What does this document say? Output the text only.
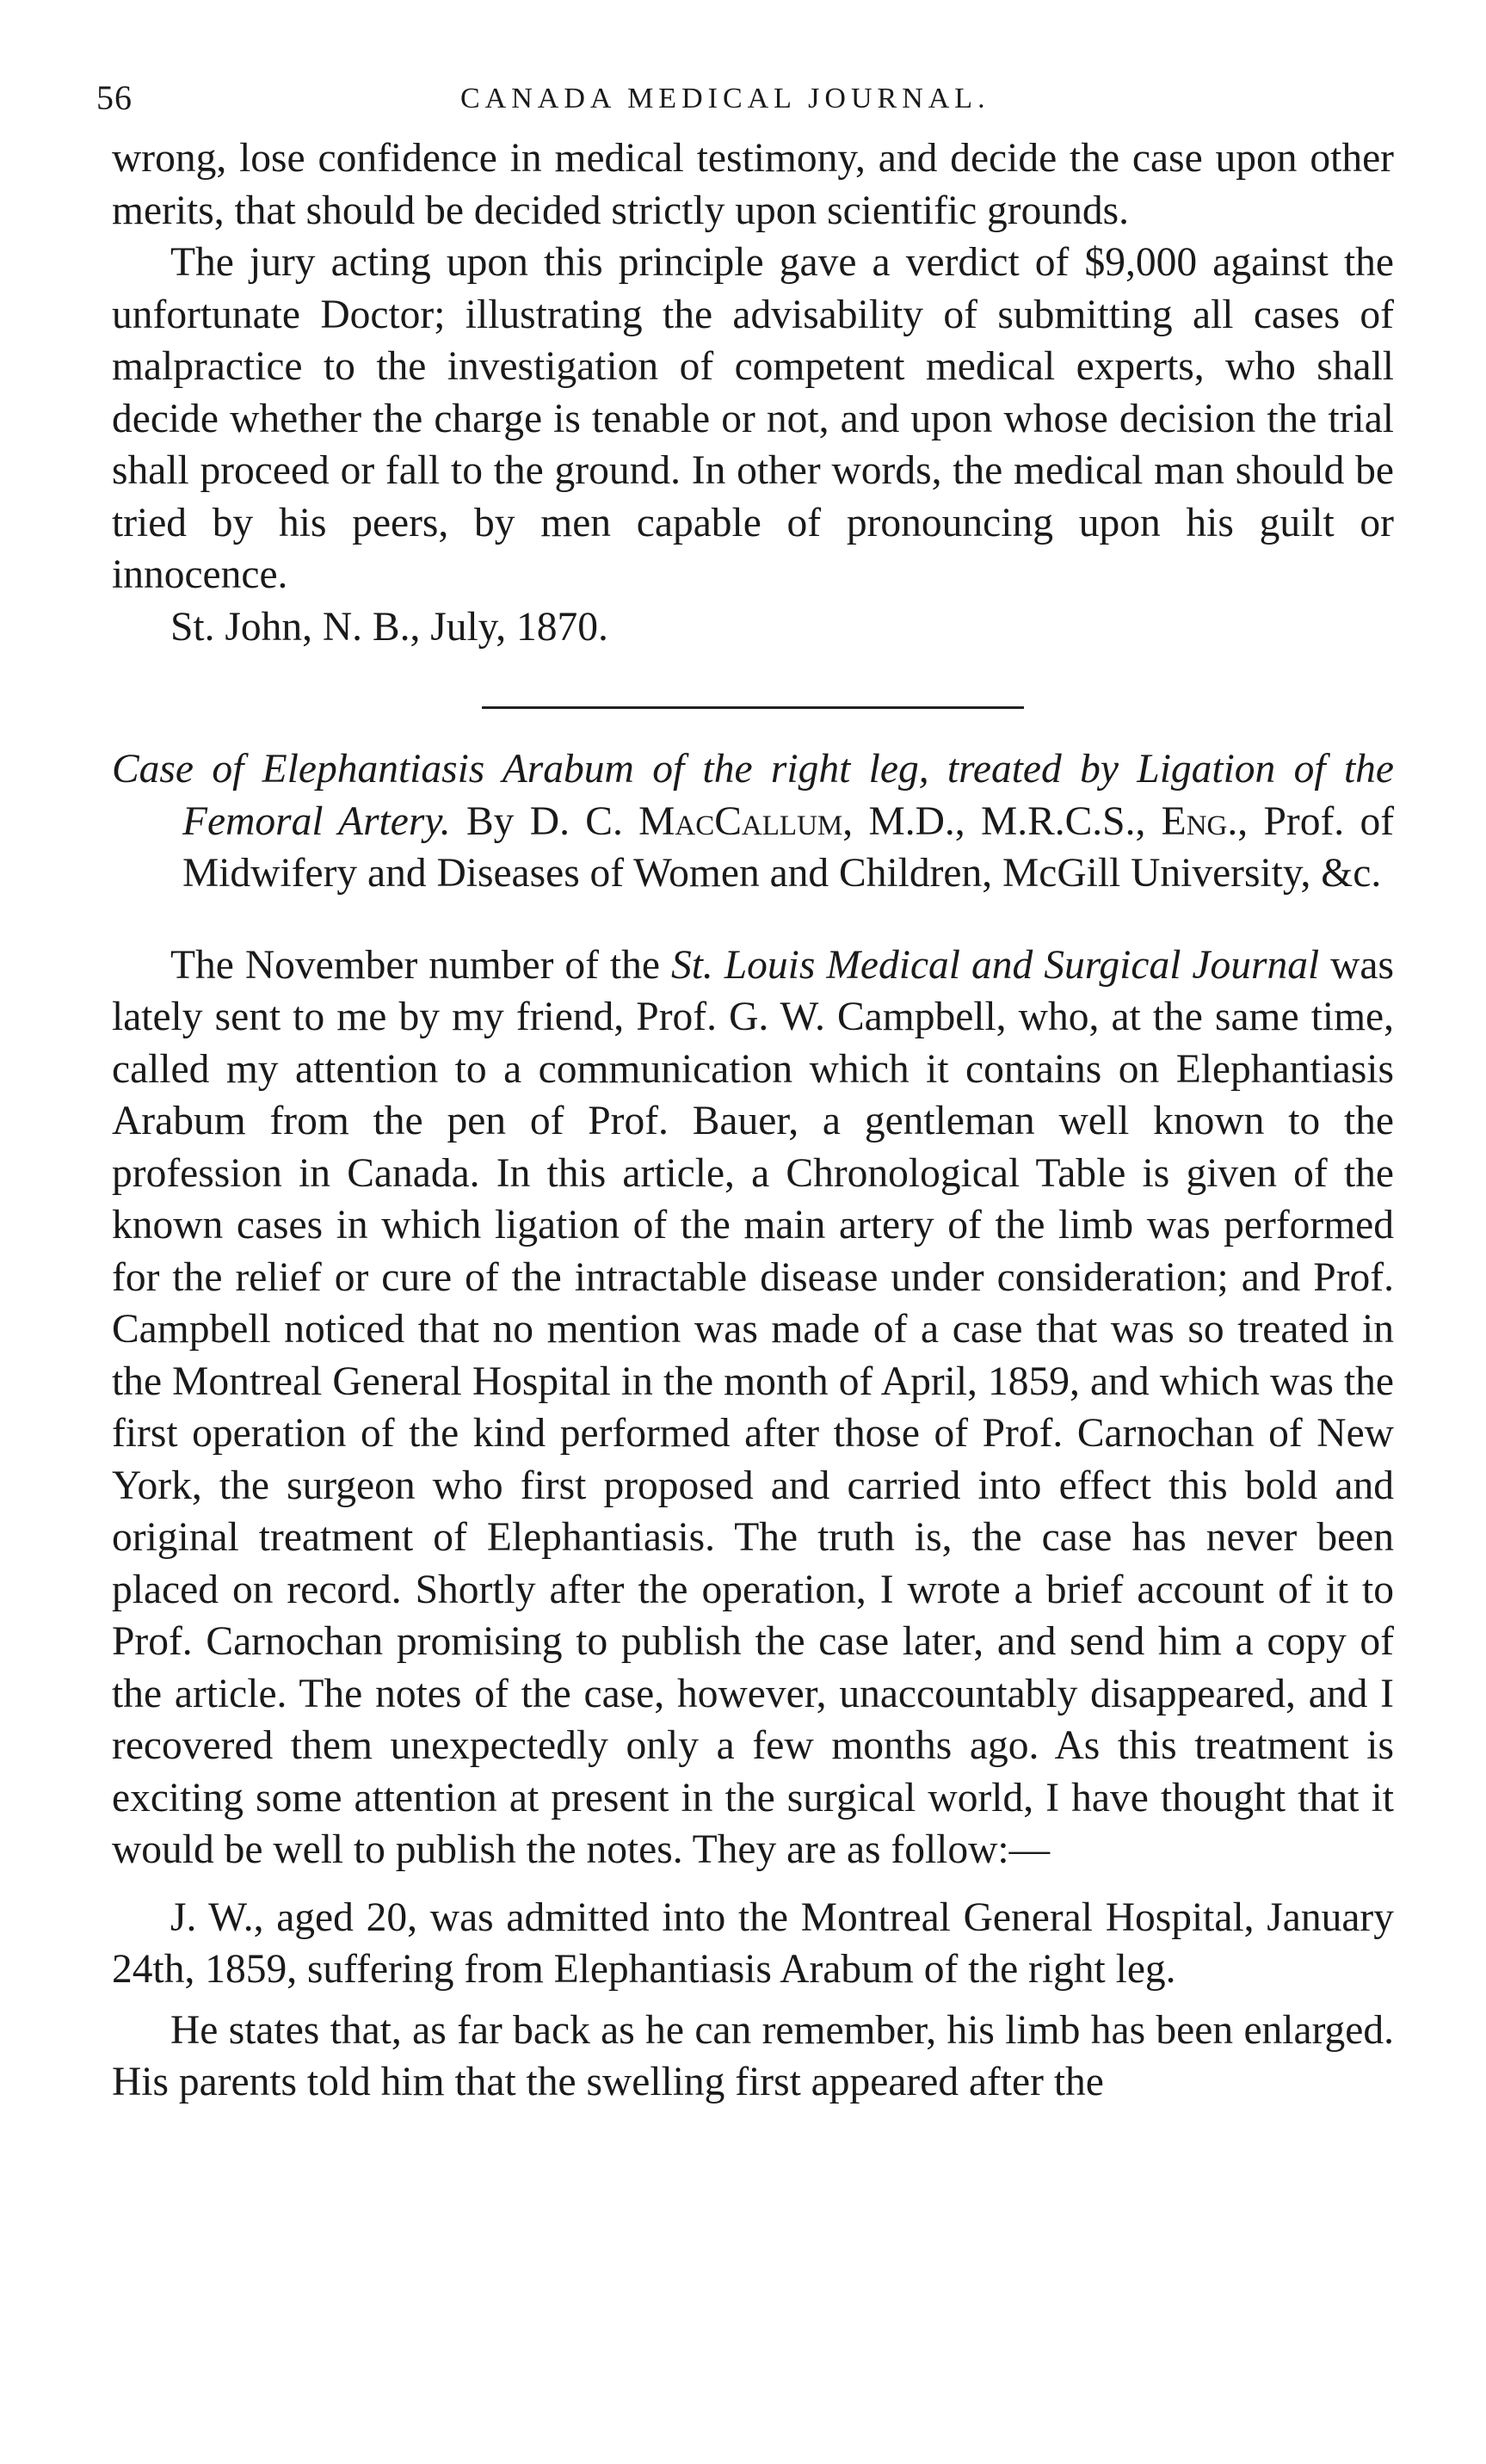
56	CANADA MEDICAL JOURNAL.

wrong, lose confidence in medical testimony, and decide the case upon other merits, that should be decided strictly upon scientific grounds.

The jury acting upon this principle gave a verdict of $9,000 against the unfortunate Doctor; illustrating the advisability of submitting all cases of malpractice to the investigation of competent medical experts, who shall decide whether the charge is tenable or not, and upon whose decision the trial shall proceed or fall to the ground. In other words, the medical man should be tried by his peers, by men capable of pronouncing upon his guilt or innocence.

St. John, N. B., July, 1870.

Case of Elephantiasis Arabum of the right leg, treated by Ligation of the Femoral Artery. By D. C. MacCallum, M.D., M.R.C.S., Eng., Prof. of Midwifery and Diseases of Women and Children, McGill University, &c.

The November number of the St. Louis Medical and Surgical Journal was lately sent to me by my friend, Prof. G. W. Campbell, who, at the same time, called my attention to a communication which it contains on Elephantiasis Arabum from the pen of Prof. Bauer, a gentleman well known to the profession in Canada. In this article, a Chronological Table is given of the known cases in which ligation of the main artery of the limb was performed for the relief or cure of the intractable disease under consideration; and Prof. Campbell noticed that no mention was made of a case that was so treated in the Montreal General Hospital in the month of April, 1859, and which was the first operation of the kind performed after those of Prof. Carnochan of New York, the surgeon who first proposed and carried into effect this bold and original treatment of Elephantiasis. The truth is, the case has never been placed on record. Shortly after the operation, I wrote a brief account of it to Prof. Carnochan promising to publish the case later, and send him a copy of the article. The notes of the case, however, unaccountably disappeared, and I recovered them unexpectedly only a few months ago. As this treatment is exciting some attention at present in the surgical world, I have thought that it would be well to publish the notes. They are as follow:—

J. W., aged 20, was admitted into the Montreal General Hospital, January 24th, 1859, suffering from Elephantiasis Arabum of the right leg.

He states that, as far back as he can remember, his limb has been enlarged. His parents told him that the swelling first appeared after the
